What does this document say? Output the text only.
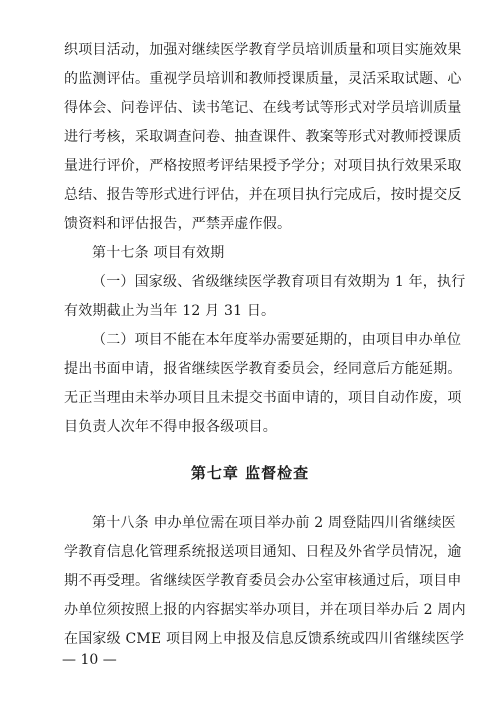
织项目活动，加强对继续医学教育学员培训质量和项目实施效果
的监测评估。重视学员培训和教师授课质量，灵活采取试题、心
得体会、问卷评估、读书笔记、在线考试等形式对学员培训质量
进行考核，采取调查问卷、抽查课件、教案等形式对教师授课质
量进行评价，严格按照考评结果授予学分；对项目执行效果采取
总结、报告等形式进行评估，并在项目执行完成后，按时提交反
馈资料和评估报告，严禁弄虚作假。
第十七条 项目有效期
（一）国家级、省级继续医学教育项目有效期为 1 年，执行
有效期截止为当年 12 月 31 日。
（二）项目不能在本年度举办需要延期的，由项目申办单位
提出书面申请，报省继续医学教育委员会，经同意后方能延期。
无正当理由未举办项目且未提交书面申请的，项目自动作废，项
目负责人次年不得申报各级项目。
第七章 监督检查
第十八条 申办单位需在项目举办前 2 周登陆四川省继续医
学教育信息化管理系统报送项目通知、日程及外省学员情况，逾
期不再受理。省继续医学教育委员会办公室审核通过后，项目申
办单位须按照上报的内容据实举办项目，并在项目举办后 2 周内
在国家级 CME 项目网上申报及信息反馈系统或四川省继续医学
— 10 —
